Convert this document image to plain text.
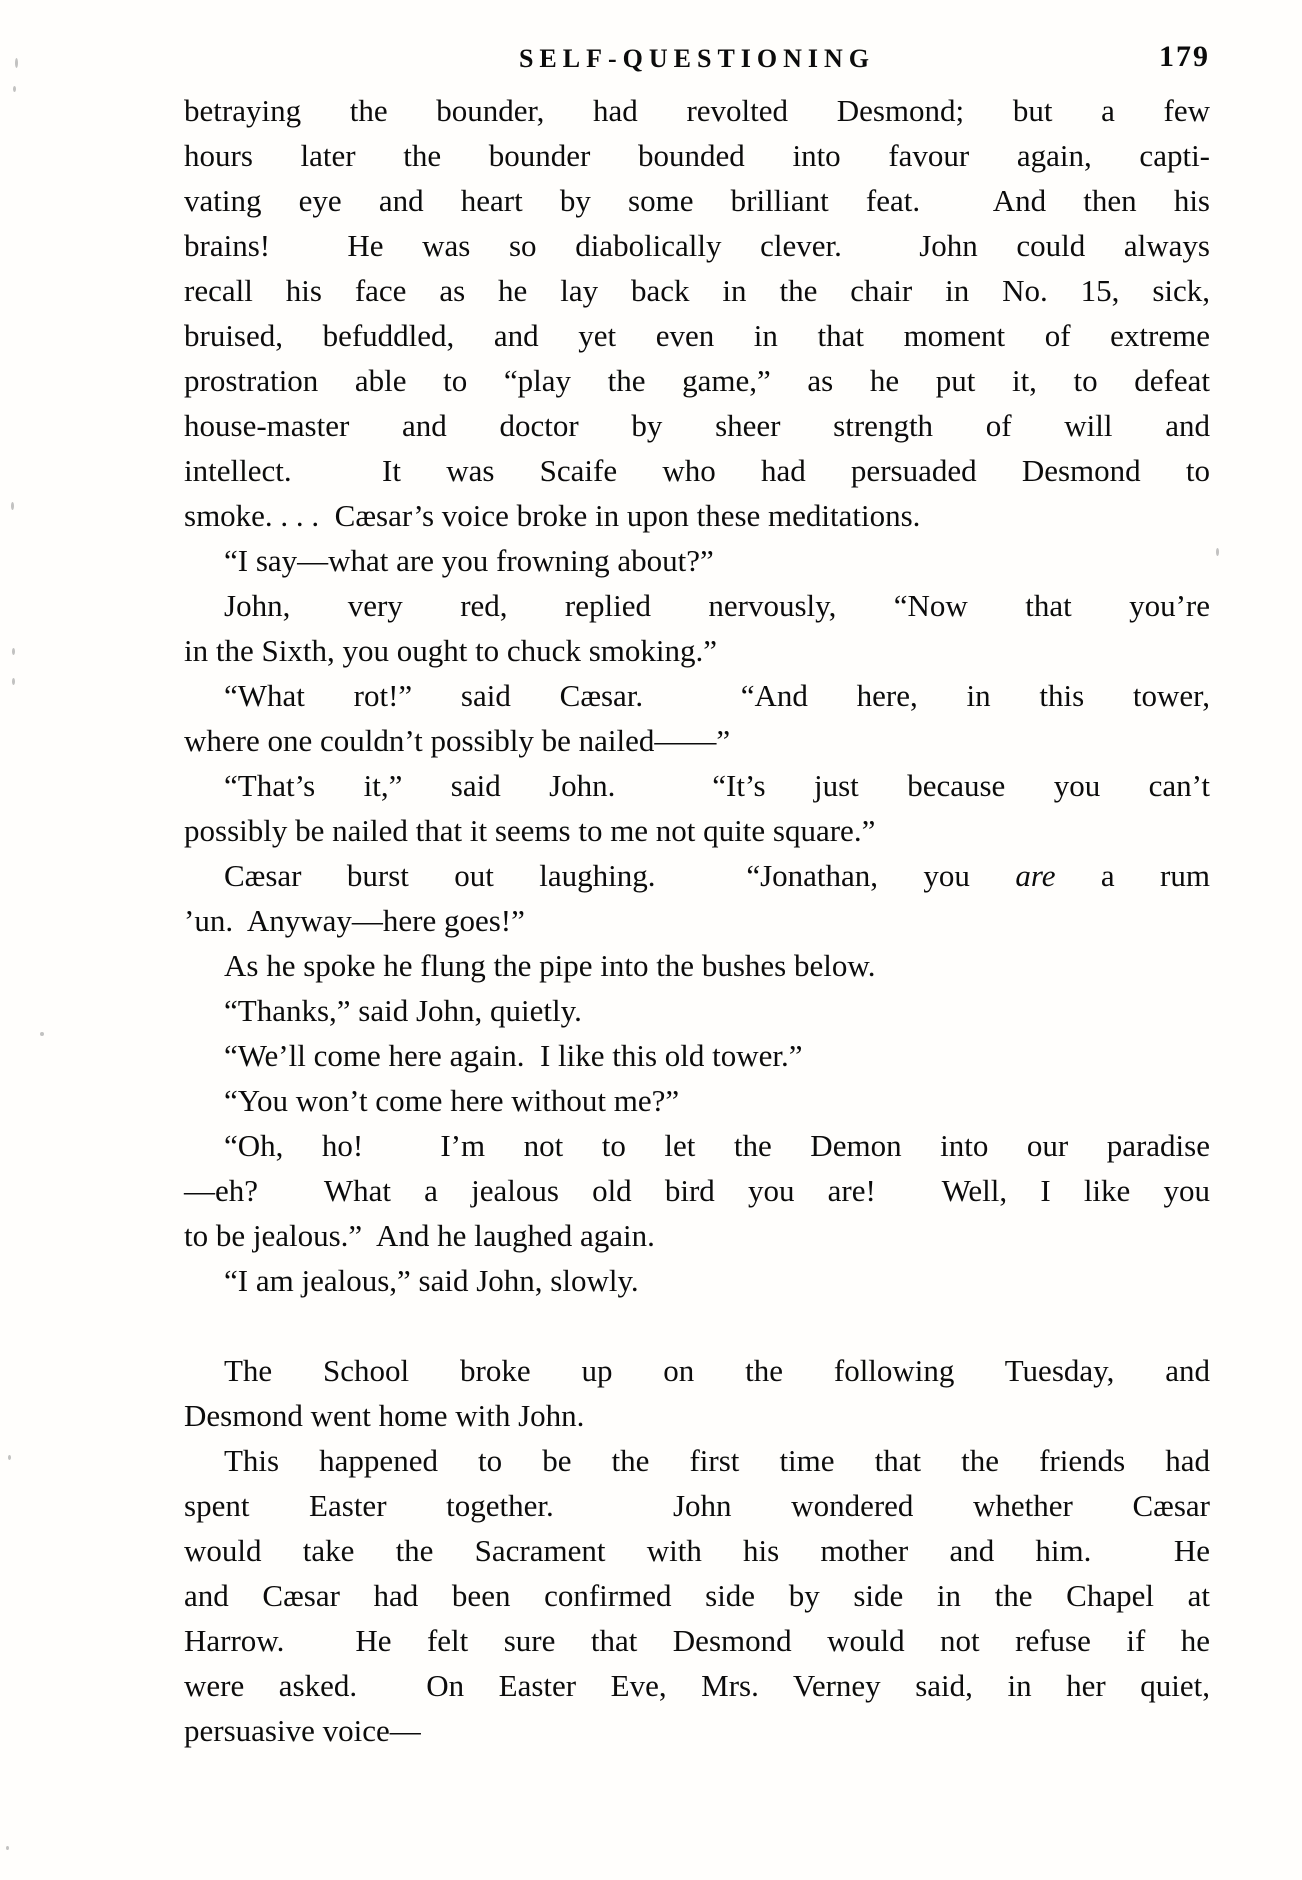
SELF-QUESTIONING	179
betraying the bounder, had revolted Desmond; but a few
hours later the bounder bounded into favour again, capti-
vating eye and heart by some brilliant feat.  And then his
brains!  He was so diabolically clever.  John could always
recall his face as he lay back in the chair in No. 15, sick,
bruised, befuddled, and yet even in that moment of extreme
prostration able to “play the game,” as he put it, to defeat
house-master and doctor by sheer strength of will and
intellect.  It was Scaife who had persuaded Desmond to
smoke. . . .  Cæsar’s voice broke in upon these meditations.
“I say—what are you frowning about?”
John, very red, replied nervously, “Now that you’re
in the Sixth, you ought to chuck smoking.”
“What rot!” said Cæsar.  “And here, in this tower,
where one couldn’t possibly be nailed——”
“That’s it,” said John.  “It’s just because you can’t
possibly be nailed that it seems to me not quite square.”
Cæsar burst out laughing.  “Jonathan, you are a rum
’un.  Anyway—here goes!”
As he spoke he flung the pipe into the bushes below.
“Thanks,” said John, quietly.
“We’ll come here again.  I like this old tower.”
“You won’t come here without me?”
“Oh, ho!  I’m not to let the Demon into our paradise
—eh?  What a jealous old bird you are!  Well, I like you
to be jealous.”  And he laughed again.
“I am jealous,” said John, slowly.
The School broke up on the following Tuesday, and
Desmond went home with John.
This happened to be the first time that the friends had
spent Easter together.  John wondered whether Cæsar
would take the Sacrament with his mother and him.  He
and Cæsar had been confirmed side by side in the Chapel at
Harrow.  He felt sure that Desmond would not refuse if he
were asked.  On Easter Eve, Mrs. Verney said, in her quiet,
persuasive voice—
